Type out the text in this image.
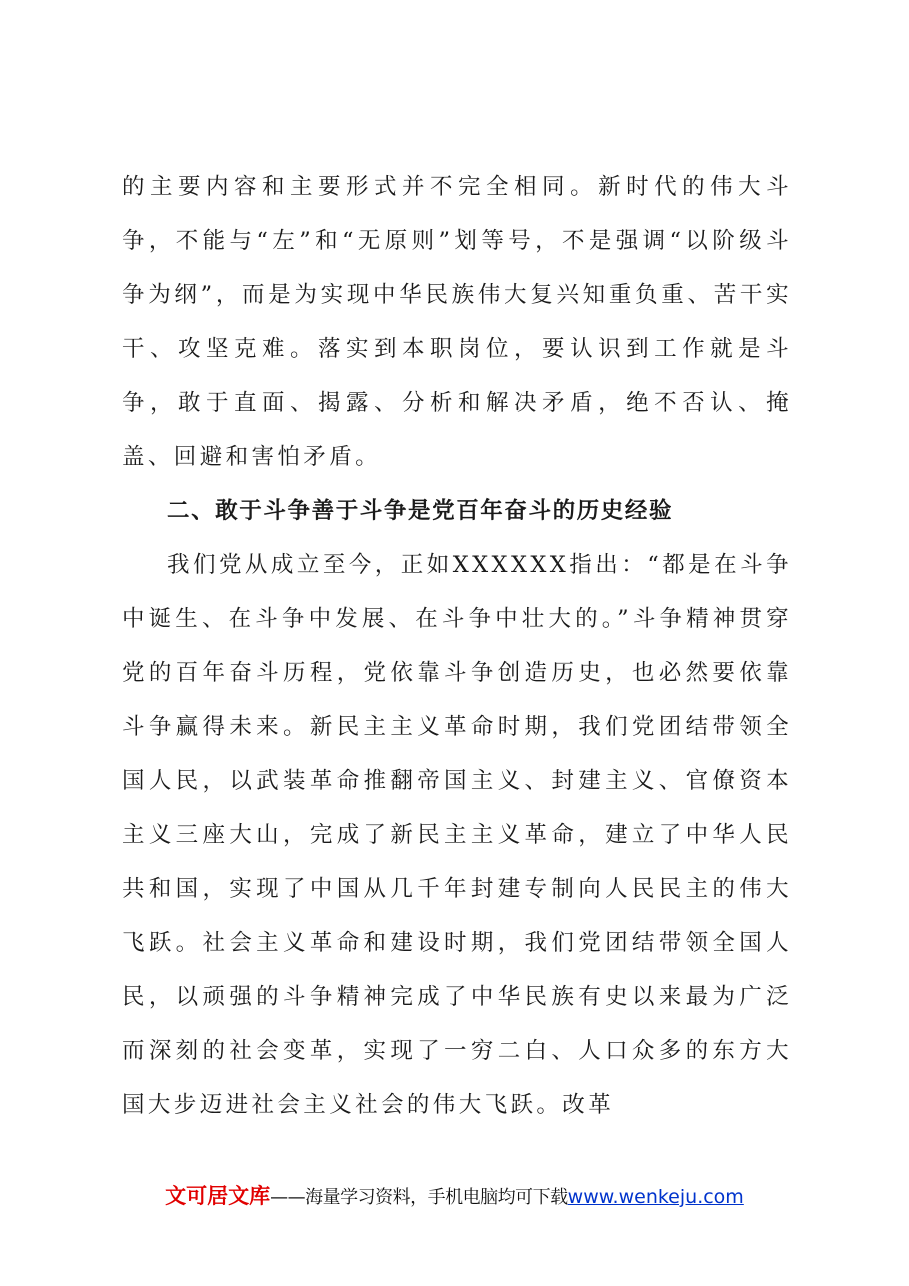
的主要内容和主要形式并不完全相同。新时代的伟大斗争，不能与“左”和“无原则”划等号，不是强调“以阶级斗争为纲”，而是为实现中华民族伟大复兴知重负重、苦干实干、攻坚克难。落实到本职岗位，要认识到工作就是斗争，敢于直面、揭露、分析和解决矛盾，绝不否认、掩盖、回避和害怕矛盾。

二、敢于斗争善于斗争是党百年奋斗的历史经验

我们党从成立至今，正如XXXXXX指出：“都是在斗争中诞生、在斗争中发展、在斗争中壮大的。”斗争精神贯穿党的百年奋斗历程，党依靠斗争创造历史，也必然要依靠斗争赢得未来。新民主主义革命时期，我们党团结带领全国人民，以武装革命推翻帝国主义、封建主义、官僚资本主义三座大山，完成了新民主主义革命，建立了中华人民共和国，实现了中国从几千年封建专制向人民民主的伟大飞跃。社会主义革命和建设时期，我们党团结带领全国人民，以顽强的斗争精神完成了中华民族有史以来最为广泛而深刻的社会变革，实现了一穷二白、人口众多的东方大国大步迈进社会主义社会的伟大飞跃。改革

文可居文库——海量学习资料，手机电脑均可下载www.wenkeju.com
